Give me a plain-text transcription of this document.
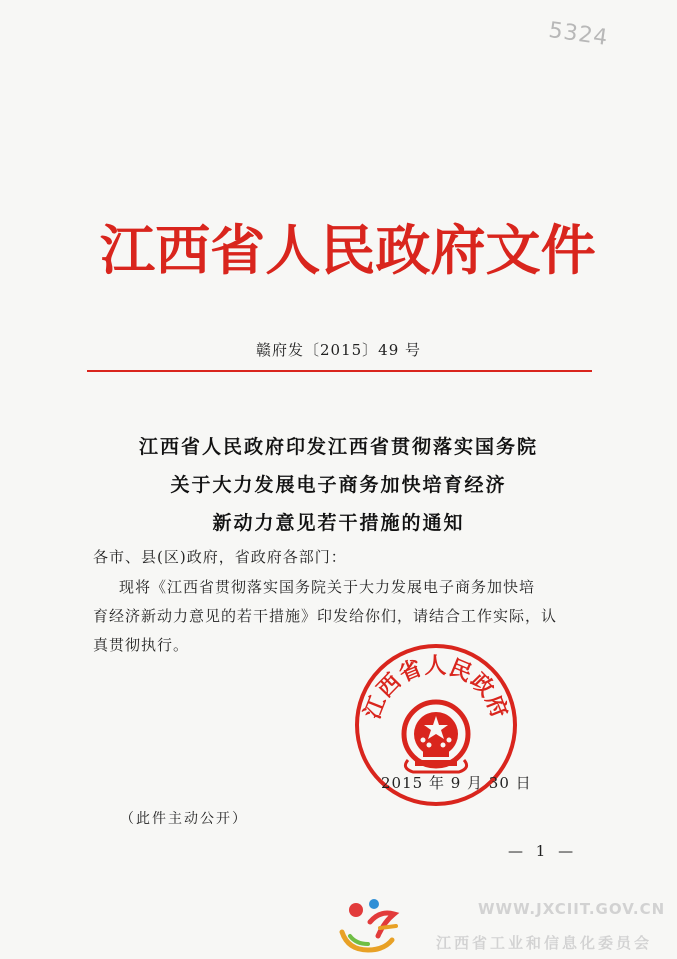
5324
江西省人民政府文件
赣府发〔2015〕49 号
江西省人民政府印发江西省贯彻落实国务院
关于大力发展电子商务加快培育经济
新动力意见若干措施的通知
各市、县(区)政府，省政府各部门：
现将《江西省贯彻落实国务院关于大力发展电子商务加快培
育经济新动力意见的若干措施》印发给你们，请结合工作实际，认
真贯彻执行。
江西省人民政府
2015 年 9 月 30 日
（此件主动公开）
— 1 —
WWW.JXCIIT.GOV.CN
江西省工业和信息化委员会
